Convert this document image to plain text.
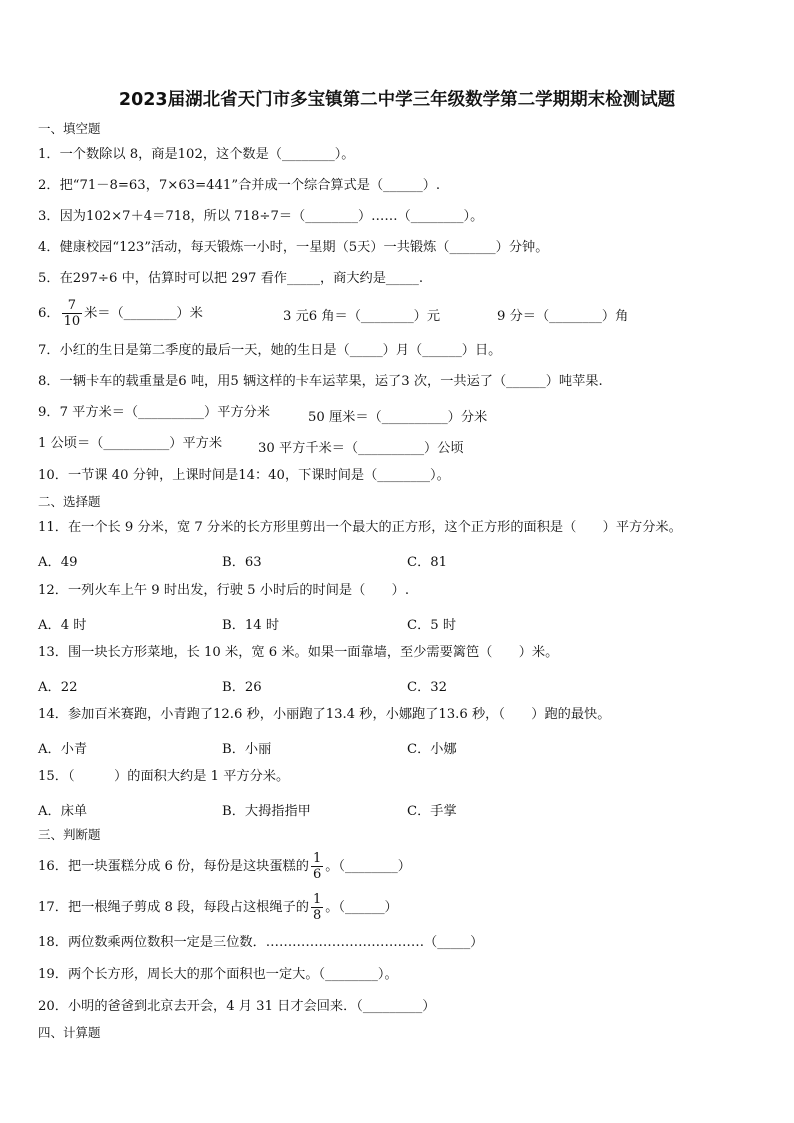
2023届湖北省天门市多宝镇第二中学三年级数学第二学期期末检测试题
一、填空题
1．一个数除以 8，商是102，这个数是（________）。
2．把“71－8=63，7×63=441”合并成一个综合算式是（______）.
3．因为102×7＋4＝718，所以 718÷7＝（________）……（________）。
4．健康校园“123”活动，每天锻炼一小时，一星期（5天）一共锻炼（_______）分钟。
5．在297÷6 中，估算时可以把 297 看作_____，商大约是_____.
6． $\frac{7}{10}$ 米＝（________）米	3 元6 角＝（________）元	9 分＝（________）角
7．小红的生日是第二季度的最后一天，她的生日是（_____）月（______）日。
8．一辆卡车的载重量是6 吨，用5 辆这样的卡车运苹果，运了3 次，一共运了（______）吨苹果.
9．7 平方米＝（__________）平方分米	50 厘米＝（__________）分米
1 公顷＝（__________）平方米	30 平方千米＝（__________）公顷
10．一节课 40 分钟，上课时间是14：40，下课时间是（________）。
二、选择题
11．在一个长 9 分米，宽 7 分米的长方形里剪出一个最大的正方形，这个正方形的面积是（　　）平方分米。
A．49	B．63	C．81
12．一列火车上午 9 时出发，行驶 5 小时后的时间是（　　）.
A．4 时	B．14 时	C．5 时
13．围一块长方形菜地，长 10 米，宽 6 米。如果一面靠墙，至少需要篱笆（　　）米。
A．22	B．26	C．32
14．参加百米赛跑，小青跑了12.6 秒，小丽跑了13.4 秒，小娜跑了13.6 秒，（　　）跑的最快。
A．小青	B．小丽	C．小娜
15．（　　　）的面积大约是 1 平方分米。
A．床单	B．大拇指指甲	C．手掌
三、判断题
16．把一块蛋糕分成 6 份，每份是这块蛋糕的 $\frac{1}{6}$ 。（________）
17．把一根绳子剪成 8 段，每段占这根绳子的 $\frac{1}{8}$ 。（______）
18．两位数乘两位数积一定是三位数．………………………………（_____）
19．两个长方形，周长大的那个面积也一定大。（________）。
20．小明的爸爸到北京去开会，4 月 31 日才会回来．（_________）
四、计算题
